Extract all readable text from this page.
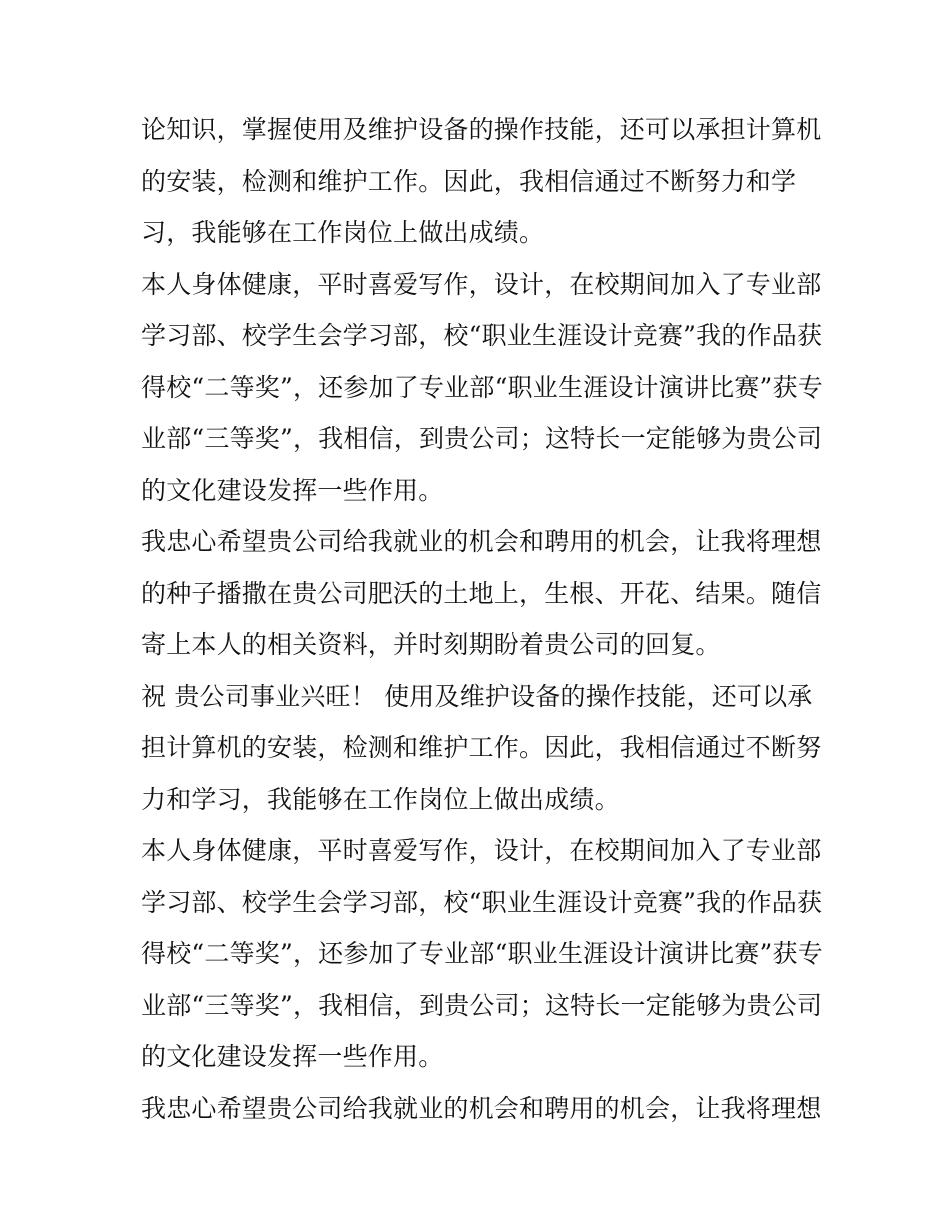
论知识，掌握使用及维护设备的操作技能，还可以承担计算机
的安装，检测和维护工作。因此，我相信通过不断努力和学
习，我能够在工作岗位上做出成绩。
本人身体健康，平时喜爱写作，设计，在校期间加入了专业部
学习部、校学生会学习部，校“职业生涯设计竞赛”我的作品获
得校“二等奖”，还参加了专业部“职业生涯设计演讲比赛”获专
业部“三等奖”，我相信，到贵公司；这特长一定能够为贵公司
的文化建设发挥一些作用。
我忠心希望贵公司给我就业的机会和聘用的机会，让我将理想
的种子播撒在贵公司肥沃的土地上，生根、开花、结果。随信
寄上本人的相关资料，并时刻期盼着贵公司的回复。
祝 贵公司事业兴旺！ 使用及维护设备的操作技能，还可以承
担计算机的安装，检测和维护工作。因此，我相信通过不断努
力和学习，我能够在工作岗位上做出成绩。
本人身体健康，平时喜爱写作，设计，在校期间加入了专业部
学习部、校学生会学习部，校“职业生涯设计竞赛”我的作品获
得校“二等奖”，还参加了专业部“职业生涯设计演讲比赛”获专
业部“三等奖”，我相信，到贵公司；这特长一定能够为贵公司
的文化建设发挥一些作用。
我忠心希望贵公司给我就业的机会和聘用的机会，让我将理想
